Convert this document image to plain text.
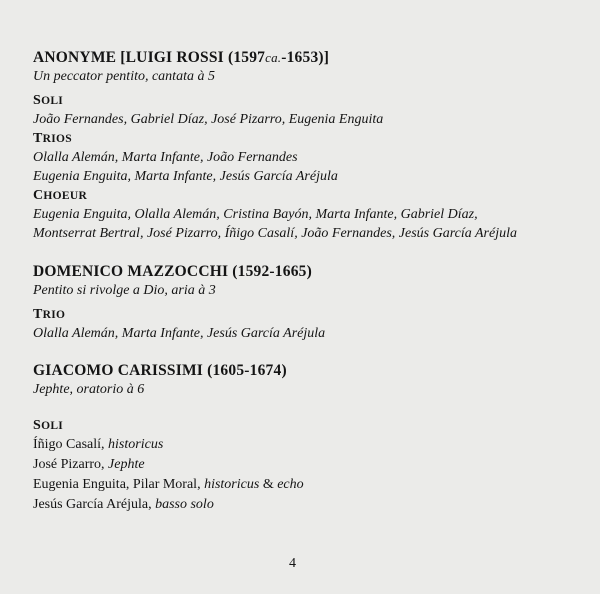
ANONYME [LUIGI ROSSI (1597ca.-1653)]

Un peccator pentito, cantata à 5

SOLI

João Fernandes, Gabriel Díaz, José Pizarro, Eugenia Enguita

TRIOS

Olalla Alemán, Marta Infante, João Fernandes

Eugenia Enguita, Marta Infante, Jesús García Aréjula

CHOEUR

Eugenia Enguita, Olalla Alemán, Cristina Bayón, Marta Infante, Gabriel Díaz,

Montserrat Bertral, José Pizarro, Íñigo Casalí, João Fernandes, Jesús García Aréjula

DOMENICO MAZZOCCHI (1592-1665)

Pentito si rivolge a Dio, aria à 3

TRIO

Olalla Alemán, Marta Infante, Jesús García Aréjula

GIACOMO CARISSIMI (1605-1674)

Jephte, oratorio à 6

SOLI

Íñigo Casalí, historicus

José Pizarro, Jephte

Eugenia Enguita, Pilar Moral, historicus & echo

Jesús García Aréjula, basso solo

4
